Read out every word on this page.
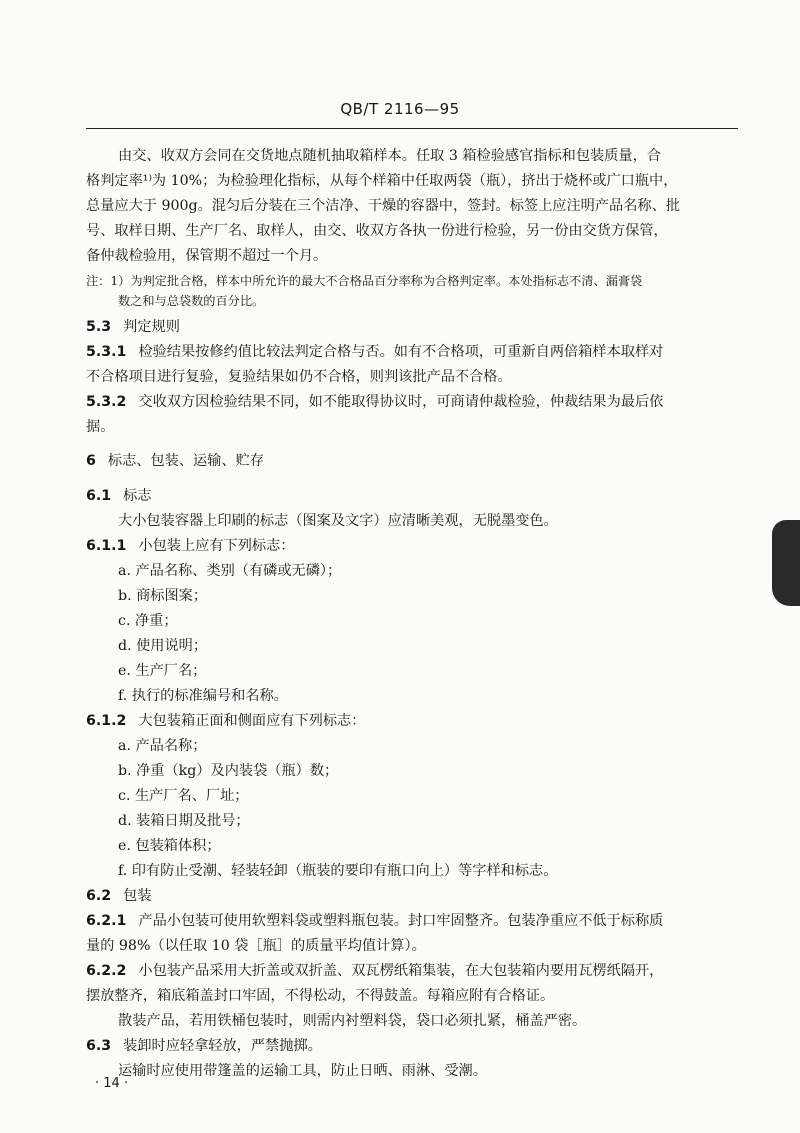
QB/T 2116—95
由交、收双方会同在交货地点随机抽取箱样本。任取 3 箱检验感官指标和包装质量，合
格判定率¹⁾为 10%；为检验理化指标，从每个样箱中任取两袋（瓶），挤出于烧杯或广口瓶中，
总量应大于 900g。混匀后分装在三个洁净、干燥的容器中，签封。标签上应注明产品名称、批
号、取样日期、生产厂名、取样人，由交、收双方各执一份进行检验，另一份由交货方保管，
备仲裁检验用，保管期不超过一个月。
注：1）为判定批合格，样本中所允许的最大不合格品百分率称为合格判定率。本处指标志不清、漏膏袋
数之和与总袋数的百分比。
5.3 判定规则
5.3.1 检验结果按修约值比较法判定合格与否。如有不合格项，可重新自两倍箱样本取样对
不合格项目进行复验，复验结果如仍不合格，则判该批产品不合格。
5.3.2 交收双方因检验结果不同，如不能取得协议时，可商请仲裁检验，仲裁结果为最后依
据。
6 标志、包装、运输、贮存
6.1 标志
大小包装容器上印刷的标志（图案及文字）应清晰美观，无脱墨变色。
6.1.1 小包装上应有下列标志：
a. 产品名称、类别（有磷或无磷）；
b. 商标图案；
c. 净重；
d. 使用说明；
e. 生产厂名；
f. 执行的标准编号和名称。
6.1.2 大包装箱正面和侧面应有下列标志：
a. 产品名称；
b. 净重（kg）及内装袋（瓶）数；
c. 生产厂名、厂址；
d. 装箱日期及批号；
e. 包装箱体积；
f. 印有防止受潮、轻装轻卸（瓶装的要印有瓶口向上）等字样和标志。
6.2 包装
6.2.1 产品小包装可使用软塑料袋或塑料瓶包装。封口牢固整齐。包装净重应不低于标称质
量的 98%（以任取 10 袋［瓶］的质量平均值计算）。
6.2.2 小包装产品采用大折盖或双折盖、双瓦楞纸箱集装，在大包装箱内要用瓦楞纸隔开，
摆放整齐，箱底箱盖封口牢固，不得松动，不得鼓盖。每箱应附有合格证。
散装产品，若用铁桶包装时，则需内衬塑料袋，袋口必须扎紧，桶盖严密。
6.3 装卸时应轻拿轻放，严禁抛掷。
运输时应使用带篷盖的运输工具，防止日晒、雨淋、受潮。
· 14 ·
